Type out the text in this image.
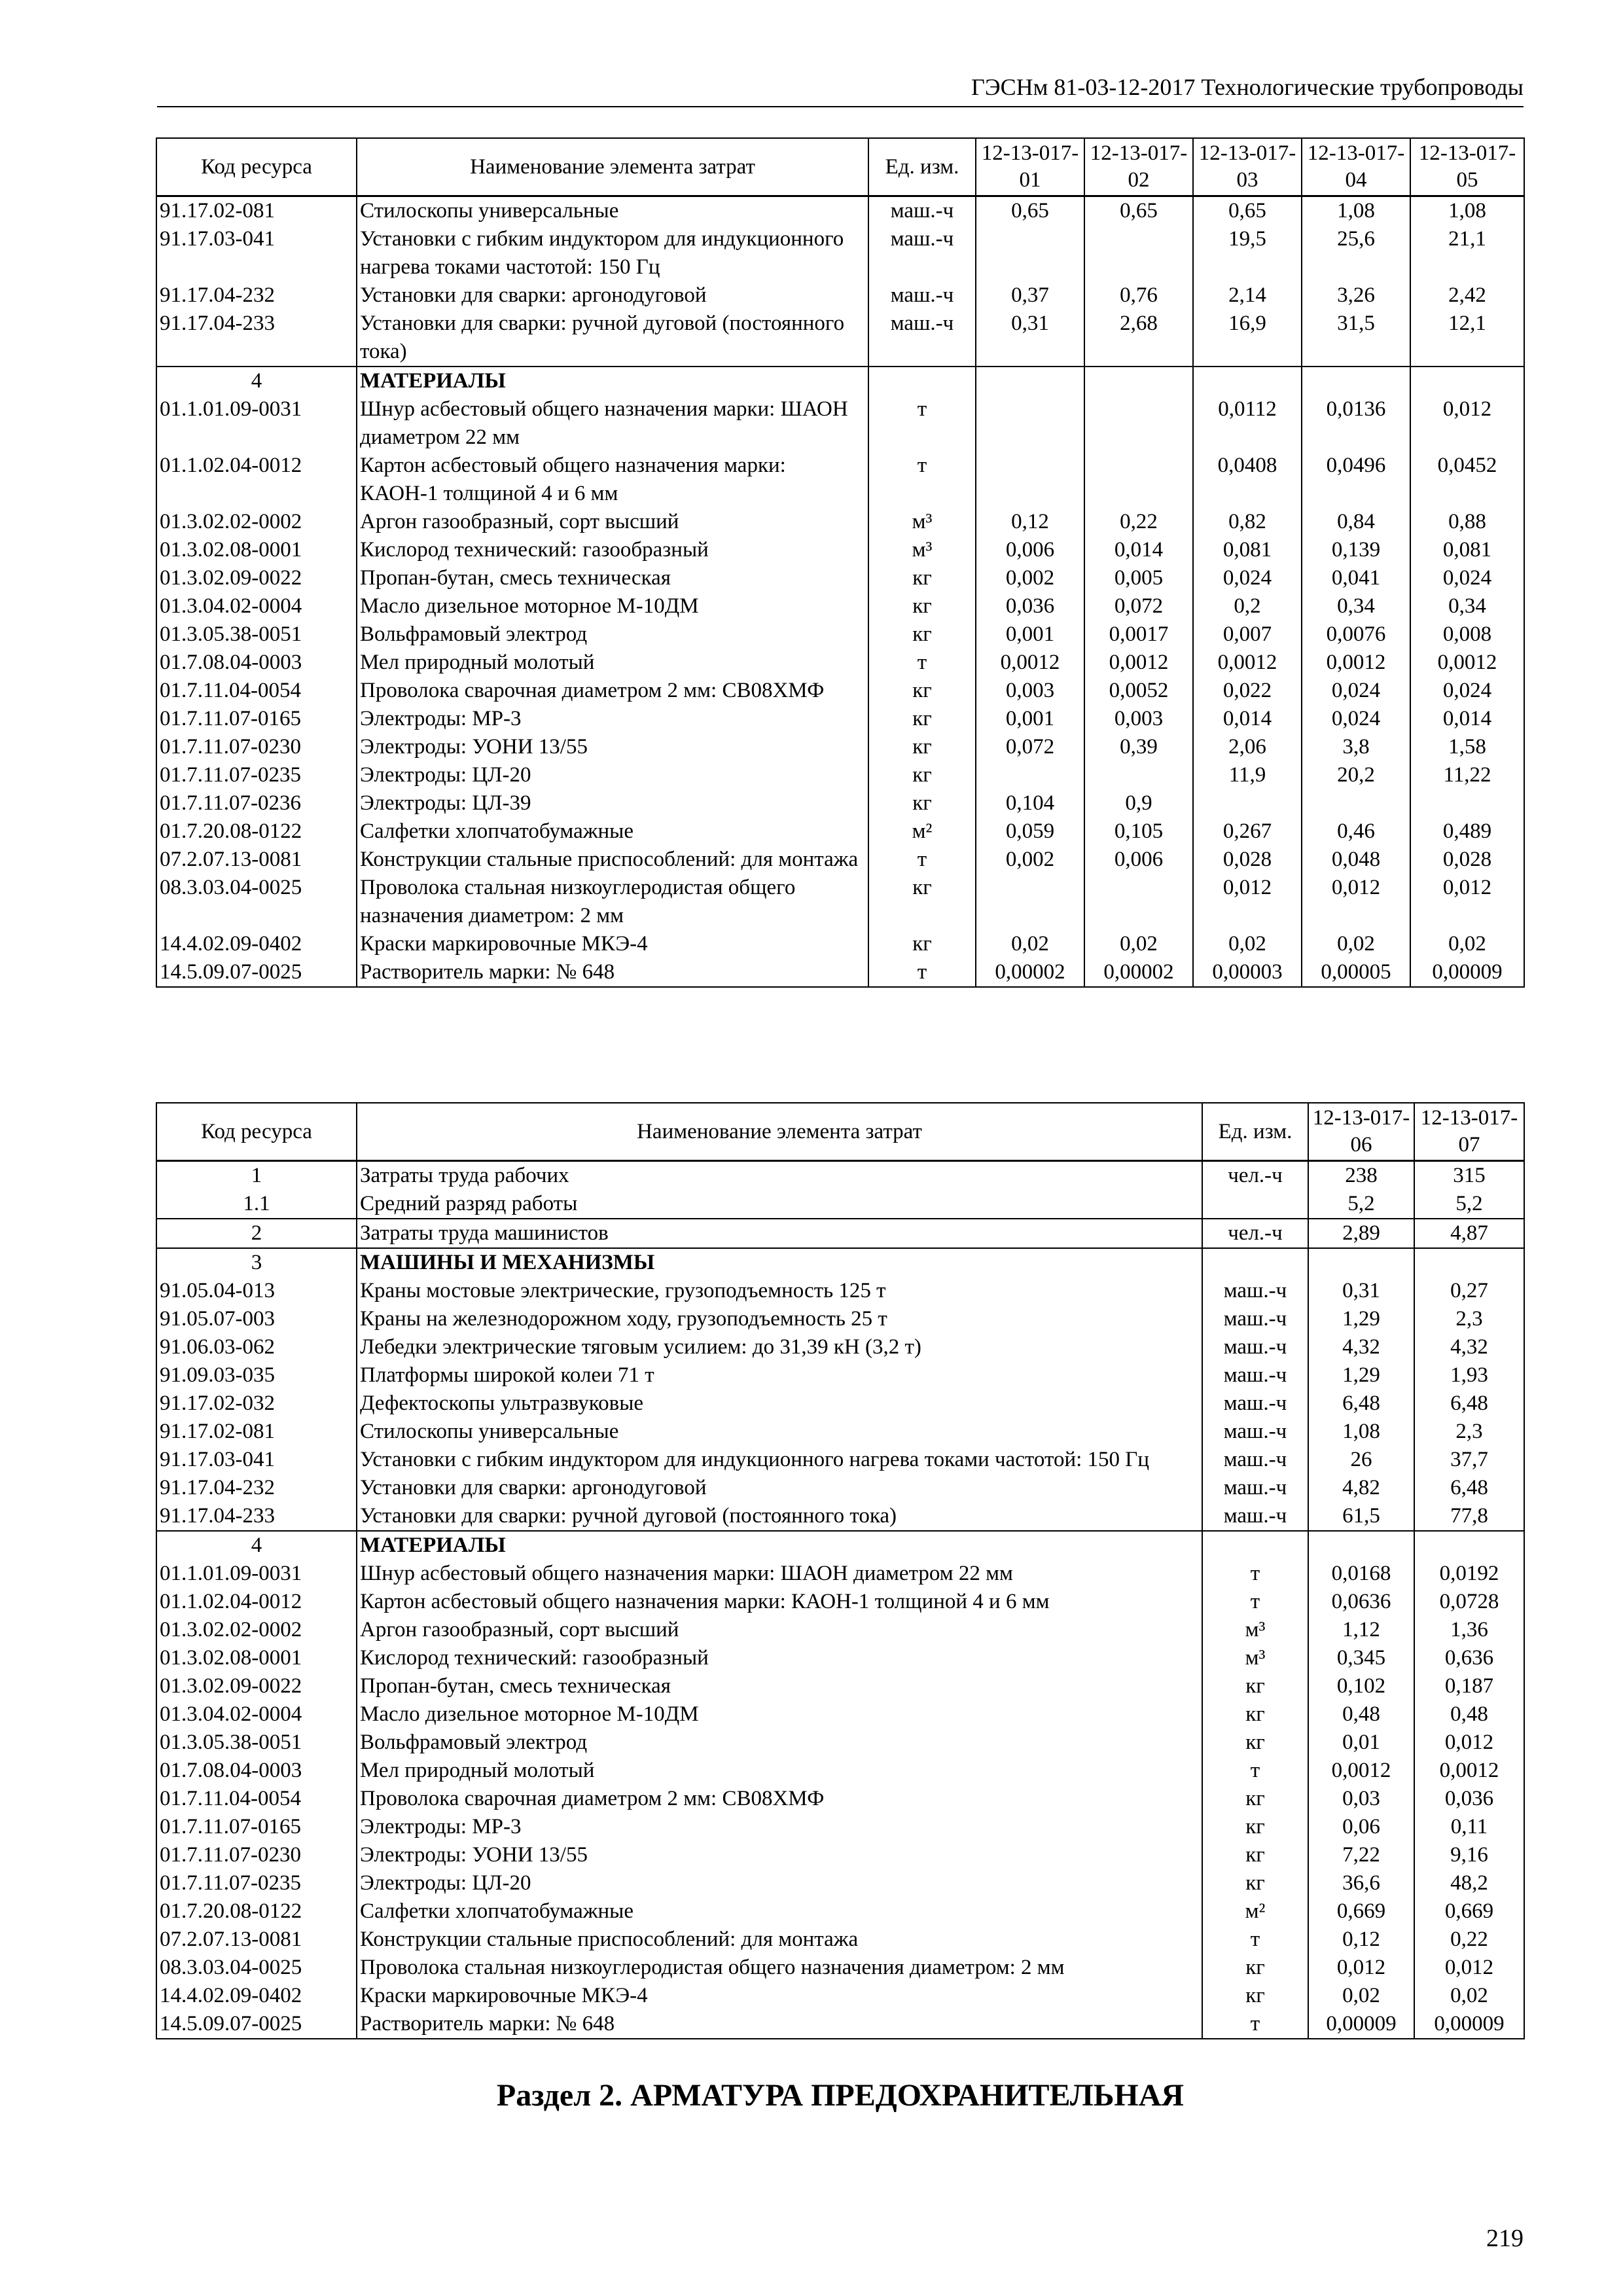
ГЭСНм 81-03-12-2017 Технологические трубопроводы
Код ресурса	Наименование элемента затрат	Ед. изм.	12-13-017-01	12-13-017-02	12-13-017-03	12-13-017-04	12-13-017-05
91.17.02-081	Стилоскопы универсальные	маш.-ч	0,65	0,65	0,65	1,08	1,08
91.17.03-041	Установки с гибким индуктором для индукционного нагрева токами частотой: 150 Гц	маш.-ч			19,5	25,6	21,1
91.17.04-232	Установки для сварки: аргонодуговой	маш.-ч	0,37	0,76	2,14	3,26	2,42
91.17.04-233	Установки для сварки: ручной дуговой (постоянного тока)	маш.-ч	0,31	2,68	16,9	31,5	12,1
4	МАТЕРИАЛЫ						
01.1.01.09-0031	Шнур асбестовый общего назначения марки: ШАОН диаметром 22 мм	т			0,0112	0,0136	0,012
01.1.02.04-0012	Картон асбестовый общего назначения марки: КАОН-1 толщиной 4 и 6 мм	т			0,0408	0,0496	0,0452
01.3.02.02-0002	Аргон газообразный, сорт высший	м³	0,12	0,22	0,82	0,84	0,88
01.3.02.08-0001	Кислород технический: газообразный	м³	0,006	0,014	0,081	0,139	0,081
01.3.02.09-0022	Пропан-бутан, смесь техническая	кг	0,002	0,005	0,024	0,041	0,024
01.3.04.02-0004	Масло дизельное моторное М-10ДМ	кг	0,036	0,072	0,2	0,34	0,34
01.3.05.38-0051	Вольфрамовый электрод	кг	0,001	0,0017	0,007	0,0076	0,008
01.7.08.04-0003	Мел природный молотый	т	0,0012	0,0012	0,0012	0,0012	0,0012
01.7.11.04-0054	Проволока сварочная диаметром 2 мм: СВ08ХМФ	кг	0,003	0,0052	0,022	0,024	0,024
01.7.11.07-0165	Электроды: МР-3	кг	0,001	0,003	0,014	0,024	0,014
01.7.11.07-0230	Электроды: УОНИ 13/55	кг	0,072	0,39	2,06	3,8	1,58
01.7.11.07-0235	Электроды: ЦЛ-20	кг			11,9	20,2	11,22
01.7.11.07-0236	Электроды: ЦЛ-39	кг	0,104	0,9			
01.7.20.08-0122	Салфетки хлопчатобумажные	м²	0,059	0,105	0,267	0,46	0,489
07.2.07.13-0081	Конструкции стальные приспособлений: для монтажа	т	0,002	0,006	0,028	0,048	0,028
08.3.03.04-0025	Проволока стальная низкоуглеродистая общего назначения диаметром: 2 мм	кг			0,012	0,012	0,012
14.4.02.09-0402	Краски маркировочные МКЭ-4	кг	0,02	0,02	0,02	0,02	0,02
14.5.09.07-0025	Растворитель марки: № 648	т	0,00002	0,00002	0,00003	0,00005	0,00009
Код ресурса	Наименование элемента затрат	Ед. изм.	12-13-017-06	12-13-017-07
1	Затраты труда рабочих	чел.-ч	238	315
1.1	Средний разряд работы		5,2	5,2
2	Затраты труда машинистов	чел.-ч	2,89	4,87
3	МАШИНЫ И МЕХАНИЗМЫ			
91.05.04-013	Краны мостовые электрические, грузоподъемность 125 т	маш.-ч	0,31	0,27
91.05.07-003	Краны на железнодорожном ходу, грузоподъемность 25 т	маш.-ч	1,29	2,3
91.06.03-062	Лебедки электрические тяговым усилием: до 31,39 кН (3,2 т)	маш.-ч	4,32	4,32
91.09.03-035	Платформы широкой колеи 71 т	маш.-ч	1,29	1,93
91.17.02-032	Дефектоскопы ультразвуковые	маш.-ч	6,48	6,48
91.17.02-081	Стилоскопы универсальные	маш.-ч	1,08	2,3
91.17.03-041	Установки с гибким индуктором для индукционного нагрева токами частотой: 150 Гц	маш.-ч	26	37,7
91.17.04-232	Установки для сварки: аргонодуговой	маш.-ч	4,82	6,48
91.17.04-233	Установки для сварки: ручной дуговой (постоянного тока)	маш.-ч	61,5	77,8
4	МАТЕРИАЛЫ			
01.1.01.09-0031	Шнур асбестовый общего назначения марки: ШАОН диаметром 22 мм	т	0,0168	0,0192
01.1.02.04-0012	Картон асбестовый общего назначения марки: КАОН-1 толщиной 4 и 6 мм	т	0,0636	0,0728
01.3.02.02-0002	Аргон газообразный, сорт высший	м³	1,12	1,36
01.3.02.08-0001	Кислород технический: газообразный	м³	0,345	0,636
01.3.02.09-0022	Пропан-бутан, смесь техническая	кг	0,102	0,187
01.3.04.02-0004	Масло дизельное моторное М-10ДМ	кг	0,48	0,48
01.3.05.38-0051	Вольфрамовый электрод	кг	0,01	0,012
01.7.08.04-0003	Мел природный молотый	т	0,0012	0,0012
01.7.11.04-0054	Проволока сварочная диаметром 2 мм: СВ08ХМФ	кг	0,03	0,036
01.7.11.07-0165	Электроды: МР-3	кг	0,06	0,11
01.7.11.07-0230	Электроды: УОНИ 13/55	кг	7,22	9,16
01.7.11.07-0235	Электроды: ЦЛ-20	кг	36,6	48,2
01.7.20.08-0122	Салфетки хлопчатобумажные	м²	0,669	0,669
07.2.07.13-0081	Конструкции стальные приспособлений: для монтажа	т	0,12	0,22
08.3.03.04-0025	Проволока стальная низкоуглеродистая общего назначения диаметром: 2 мм	кг	0,012	0,012
14.4.02.09-0402	Краски маркировочные МКЭ-4	кг	0,02	0,02
14.5.09.07-0025	Растворитель марки: № 648	т	0,00009	0,00009
Раздел 2. АРМАТУРА ПРЕДОХРАНИТЕЛЬНАЯ
219
